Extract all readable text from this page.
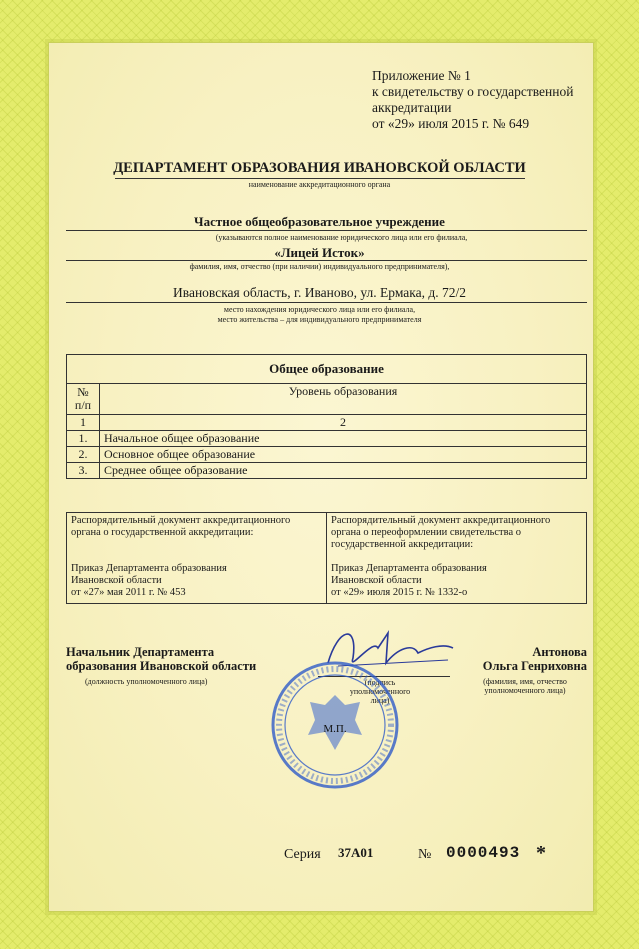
Приложение № 1
к свидетельству о государственной
аккредитации
от «29» июля 2015 г. № 649
ДЕПАРТАМЕНТ ОБРАЗОВАНИЯ ИВАНОВСКОЙ ОБЛАСТИ
наименование аккредитационного органа
Частное общеобразовательное учреждение
(указываются полное наименование юридического лица или его филиала,
«Лицей Исток»
фамилия, имя, отчество (при наличии) индивидуального предпринимателя),
Ивановская область, г. Иваново, ул. Ермака, д. 72/2
место нахождения юридического лица или его филиала,
место жительства – для индивидуального предпринимателя
Общее образование	
№
п/п	Уровень образования
1	2
1.	Начальное общее образование
2.	Основное общее образование
3.	Среднее общее образование
Распорядительный документ аккредитационного органа о государственной аккредитации:
Приказ Департамента образования
Ивановской области
от «27» мая 2011 г. № 453

Распорядительный документ аккредитационного органа о переоформлении свидетельства о государственной аккредитации:
Приказ Департамента образования
Ивановской области
от «29» июля 2015 г. № 1332-о
Начальник Департамента
образования Ивановской области
(должность уполномоченного лица)	(подпись
уполномоченного лица)
Антонова
Ольга Генриховна
(фамилия, имя, отчество
уполномоченного лица)
М.П.
Серия 37А01	№ 0000493 *
